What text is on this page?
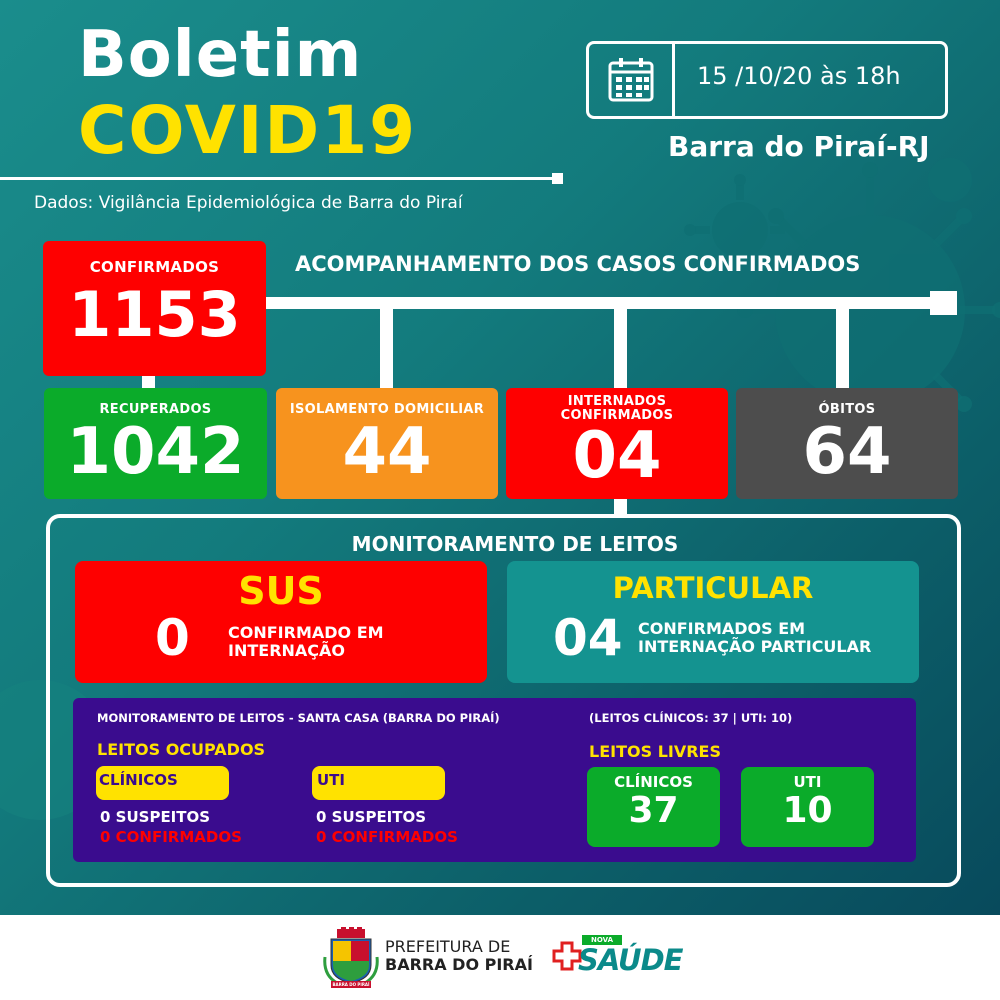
Boletim
COVID19
Dados: Vigilância Epidemiológica de Barra do Piraí
15 /10/20 às 18h
Barra do Piraí-RJ
ACOMPANHAMENTO DOS CASOS CONFIRMADOS
CONFIRMADOS
1153
RECUPERADOS
1042
ISOLAMENTO DOMICILIAR
44
INTERNADOS CONFIRMADOS
04
ÓBITOS
64
MONITORAMENTO DE LEITOS
SUS
0 CONFIRMADO EM
INTERNAÇÃO
PARTICULAR
04 CONFIRMADOS EM
INTERNAÇÃO PARTICULAR
MONITORAMENTO DE LEITOS - SANTA CASA (BARRA DO PIRAÍ)	(LEITOS CLÍNICOS: 37 | UTI: 10)
LEITOS OCUPADOS
CLÍNICOS
0 SUSPEITOS
0 CONFIRMADOS
UTI
0 SUSPEITOS
0 CONFIRMADOS
LEITOS LIVRES
CLÍNICOS
37
UTI
10
BARRA DO PIRAÍ
PREFEITURA DE
BARRA DO PIRAÍ
NOVA
SAÚDE
